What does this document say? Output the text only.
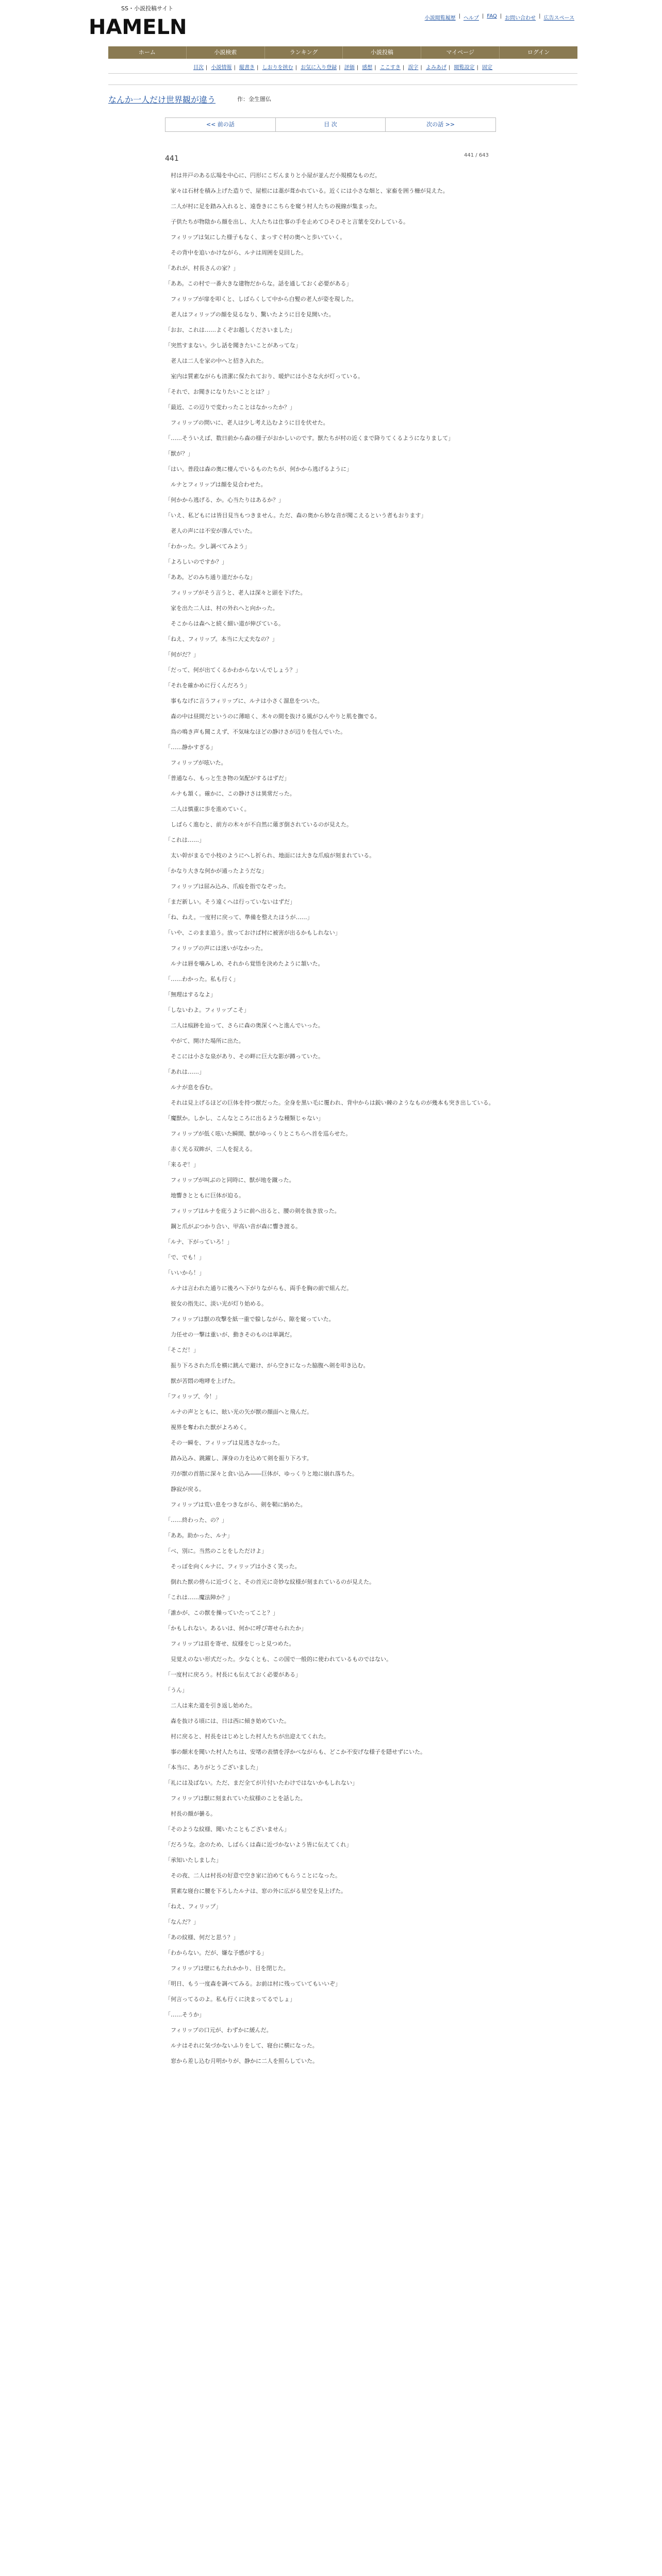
HAMELN
SS・小説投稿サイト
小説閲覧履歴 | ヘルプ | FAQ | お問い合わせ | 広告スペース
ホーム	小説検索	ランキング	小説投稿	マイページ	ログイン
目次 | 小説情報 | 縦書き | しおりを挟む | お気に入り登録 | 評価 | 感想 | ここすき | 誤字 | よみあげ | 閲覧設定 | 固定
なんか一人だけ世界観が違う	作：金生闇仏
<< 前の話	目 次	次の話 >>
441 / 643
441

　村は井戸のある広場を中心に、円形にこぢんまりと小屋が並んだ小規模なものだ。

　家々は石材を積み上げた造りで、屋根には藁が葺かれている。近くには小さな畑と、家畜を囲う柵が見えた。

　二人が村に足を踏み入れると、遠巻きにこちらを窺う村人たちの視線が集まった。

　子供たちが物陰から顔を出し、大人たちは仕事の手を止めてひそひそと言葉を交わしている。

　フィリップは気にした様子もなく、まっすぐ村の奥へと歩いていく。

　その背中を追いかけながら、ルナは周囲を見回した。

「あれが、村長さんの家？」

「ああ。この村で一番大きな建物だからな。話を通しておく必要がある」

　フィリップが扉を叩くと、しばらくして中から白髪の老人が姿を現した。

　老人はフィリップの顔を見るなり、驚いたように目を見開いた。

「おお、これは……よくぞお越しくださいました」

「突然すまない。少し話を聞きたいことがあってな」

　老人は二人を家の中へと招き入れた。

　室内は質素ながらも清潔に保たれており、暖炉には小さな火が灯っている。

「それで、お聞きになりたいこととは？」

「最近、この辺りで変わったことはなかったか？」

　フィリップの問いに、老人は少し考え込むように目を伏せた。

「……そういえば、数日前から森の様子がおかしいのです。獣たちが村の近くまで降りてくるようになりまして」

「獣が？」

「はい。普段は森の奥に棲んでいるものたちが、何かから逃げるように」

　ルナとフィリップは顔を見合わせた。

「何かから逃げる、か。心当たりはあるか？」

「いえ、私どもには皆目見当もつきません。ただ、森の奥から妙な音が聞こえるという者もおります」

　老人の声には不安が滲んでいた。

「わかった。少し調べてみよう」

「よろしいのですか？」

「ああ。どのみち通り道だからな」

　フィリップがそう言うと、老人は深々と頭を下げた。

　家を出た二人は、村の外れへと向かった。

　そこからは森へと続く細い道が伸びている。

「ねえ、フィリップ。本当に大丈夫なの？」

「何がだ？」

「だって、何が出てくるかわからないんでしょう？」

「それを確かめに行くんだろう」

　事もなげに言うフィリップに、ルナは小さく溜息をついた。

　森の中は昼間だというのに薄暗く、木々の間を抜ける風がひんやりと肌を撫でる。

　鳥の鳴き声も聞こえず、不気味なほどの静けさが辺りを包んでいた。

「……静かすぎる」

　フィリップが呟いた。

「普通なら、もっと生き物の気配がするはずだ」

　ルナも頷く。確かに、この静けさは異常だった。

　二人は慎重に歩を進めていく。

　しばらく進むと、前方の木々が不自然に薙ぎ倒されているのが見えた。

「これは……」

　太い幹がまるで小枝のようにへし折られ、地面には大きな爪痕が刻まれている。

「かなり大きな何かが通ったようだな」

　フィリップは屈み込み、爪痕を指でなぞった。

「まだ新しい。そう遠くへは行っていないはずだ」

「ね、ねえ。一度村に戻って、準備を整えたほうが……」

「いや、このまま追う。放っておけば村に被害が出るかもしれない」

　フィリップの声には迷いがなかった。

　ルナは唇を噛みしめ、それから覚悟を決めたように頷いた。

「……わかった。私も行く」

「無理はするなよ」

「しないわよ。フィリップこそ」

　二人は痕跡を辿って、さらに森の奥深くへと進んでいった。

　やがて、開けた場所に出た。

　そこには小さな泉があり、その畔に巨大な影が蹲っていた。

「あれは……」

　ルナが息を呑む。

　それは見上げるほどの巨体を持つ獣だった。全身を黒い毛に覆われ、背中からは鋭い棘のようなものが幾本も突き出している。

「魔獣か。しかし、こんなところに出るような種類じゃない」

　フィリップが低く呟いた瞬間、獣がゆっくりとこちらへ首を巡らせた。

　赤く光る双眸が、二人を捉える。

「来るぞ！」

　フィリップが叫ぶのと同時に、獣が地を蹴った。

　地響きとともに巨体が迫る。

　フィリップはルナを庇うように前へ出ると、腰の剣を抜き放った。

　鋼と爪がぶつかり合い、甲高い音が森に響き渡る。

「ルナ、下がっていろ！」

「で、でも！」

「いいから！」

　ルナは言われた通りに後ろへ下がりながらも、両手を胸の前で組んだ。

　彼女の指先に、淡い光が灯り始める。

　フィリップは獣の攻撃を紙一重で躱しながら、隙を窺っていた。

　力任せの一撃は重いが、動きそのものは単調だ。

「そこだ！」

　振り下ろされた爪を横に跳んで避け、がら空きになった脇腹へ剣を叩き込む。

　獣が苦悶の咆哮を上げた。

「フィリップ、今！」

　ルナの声とともに、眩い光の矢が獣の顔面へと飛んだ。

　視界を奪われた獣がよろめく。

　その一瞬を、フィリップは見逃さなかった。

　踏み込み、跳躍し、渾身の力を込めて剣を振り下ろす。

　刃が獣の首筋に深々と食い込み――巨体が、ゆっくりと地に崩れ落ちた。

　静寂が戻る。

　フィリップは荒い息をつきながら、剣を鞘に納めた。

「……終わった、の？」

「ああ。助かった、ルナ」

「べ、別に。当然のことをしただけよ」

　そっぽを向くルナに、フィリップは小さく笑った。

　倒れた獣の傍らに近づくと、その首元に奇妙な紋様が刻まれているのが見えた。

「これは……魔法陣か？」

「誰かが、この獣を操っていたってこと？」

「かもしれない。あるいは、何かに呼び寄せられたか」

　フィリップは眉を寄せ、紋様をじっと見つめた。

　見覚えのない形式だった。少なくとも、この国で一般的に使われているものではない。

「一度村に戻ろう。村長にも伝えておく必要がある」

「うん」

　二人は来た道を引き返し始めた。

　森を抜ける頃には、日は西に傾き始めていた。

　村に戻ると、村長をはじめとした村人たちが出迎えてくれた。

　事の顛末を聞いた村人たちは、安堵の表情を浮かべながらも、どこか不安げな様子を隠せずにいた。

「本当に、ありがとうございました」

「礼には及ばない。ただ、まだ全てが片付いたわけではないかもしれない」

　フィリップは獣に刻まれていた紋様のことを話した。

　村長の顔が曇る。

「そのような紋様、聞いたこともございません」

「だろうな。念のため、しばらくは森に近づかないよう皆に伝えてくれ」

「承知いたしました」

　その夜、二人は村長の好意で空き家に泊めてもらうことになった。

　質素な寝台に腰を下ろしたルナは、窓の外に広がる星空を見上げた。

「ねえ、フィリップ」

「なんだ？」

「あの紋様、何だと思う？」

「わからない。だが、嫌な予感がする」

　フィリップは壁にもたれかかり、目を閉じた。

「明日、もう一度森を調べてみる。お前は村に残っていてもいいぞ」

「何言ってるのよ。私も行くに決まってるでしょ」

「……そうか」

　フィリップの口元が、わずかに緩んだ。

　ルナはそれに気づかないふりをして、寝台に横になった。

　窓から差し込む月明かりが、静かに二人を照らしていた。
